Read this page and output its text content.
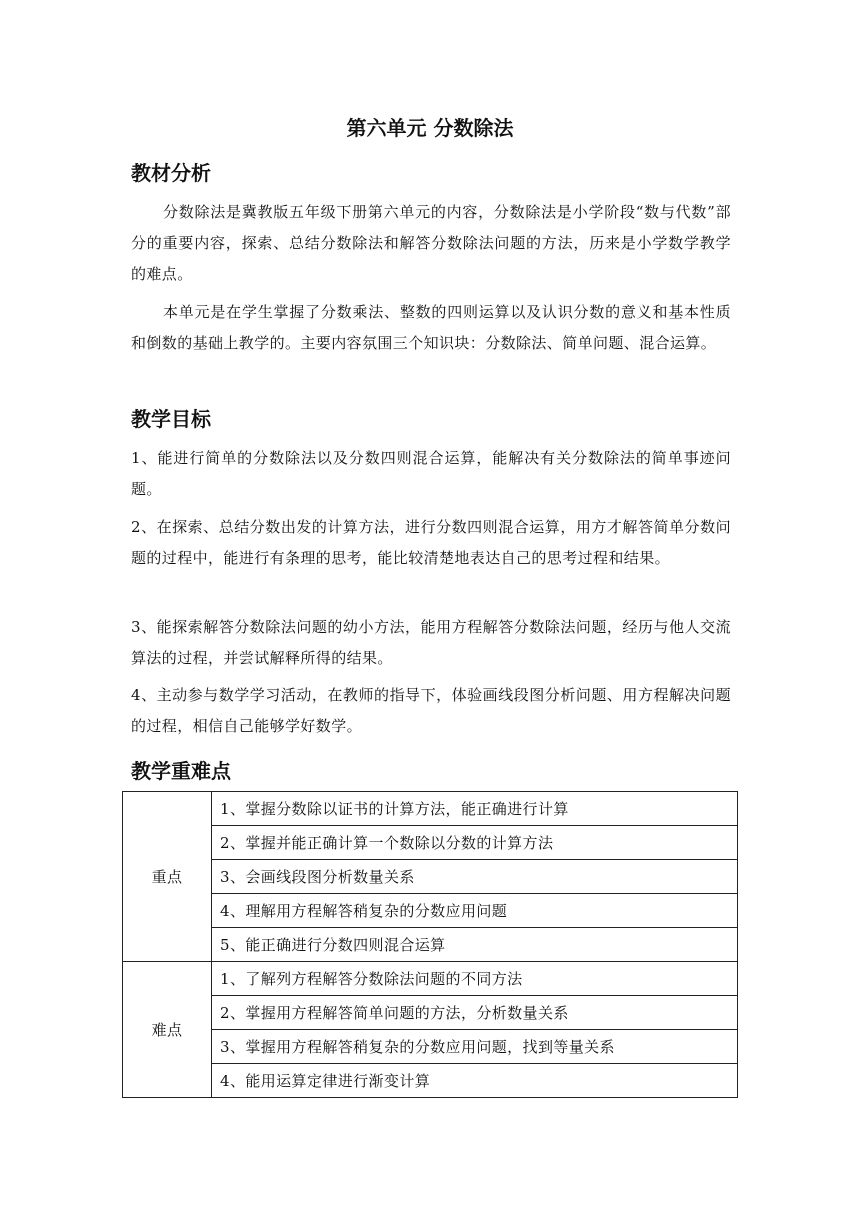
第六单元 分数除法
教材分析

分数除法是冀教版五年级下册第六单元的内容，分数除法是小学阶段“数与代数”部分的重要内容，探索、总结分数除法和解答分数除法问题的方法，历来是小学数学教学的难点。

本单元是在学生掌握了分数乘法、整数的四则运算以及认识分数的意义和基本性质和倒数的基础上教学的。主要内容氛围三个知识块：分数除法、简单问题、混合运算。

教学目标

1、能进行简单的分数除法以及分数四则混合运算，能解决有关分数除法的简单事迹问题。

2、在探索、总结分数出发的计算方法，进行分数四则混合运算，用方才解答简单分数问题的过程中，能进行有条理的思考，能比较清楚地表达自己的思考过程和结果。

3、能探索解答分数除法问题的幼小方法，能用方程解答分数除法问题，经历与他人交流算法的过程，并尝试解释所得的结果。

4、主动参与数学学习活动，在教师的指导下，体验画线段图分析问题、用方程解决问题的过程，相信自己能够学好数学。

教学重难点
重点	1、掌握分数除以证书的计算方法，能正确进行计算
	2、掌握并能正确计算一个数除以分数的计算方法
	3、会画线段图分析数量关系
	4、理解用方程解答稍复杂的分数应用问题
	5、能正确进行分数四则混合运算
难点	1、了解列方程解答分数除法问题的不同方法
	2、掌握用方程解答简单问题的方法，分析数量关系
	3、掌握用方程解答稍复杂的分数应用问题，找到等量关系
	4、能用运算定律进行渐变计算
